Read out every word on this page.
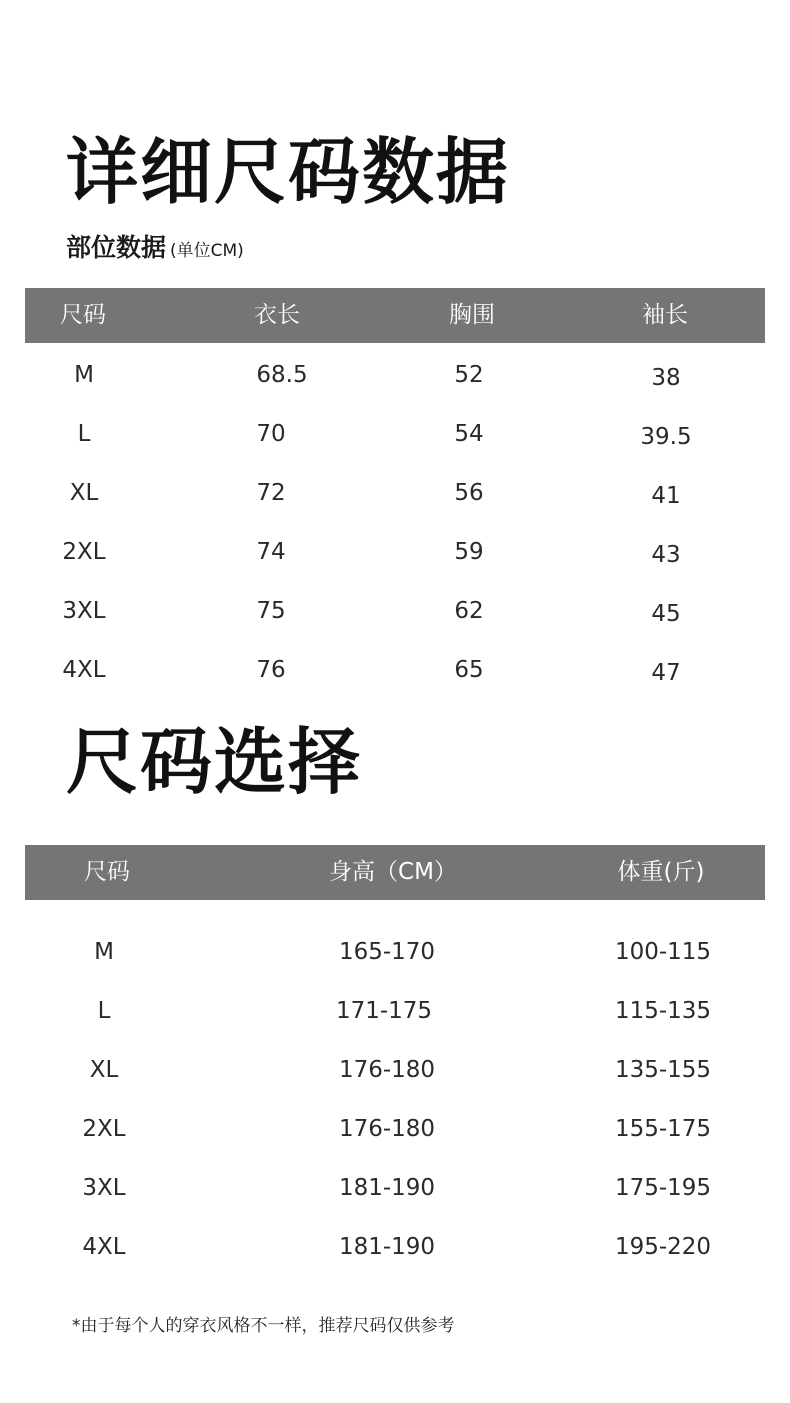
详细尺码数据
部位数据 (单位CM)
尺码	衣长	胸围	袖长
M	68.5	52	38
L	70	54	39.5
XL	72	56	41
2XL	74	59	43
3XL	75	62	45
4XL	76	65	47
尺码选择
尺码	身高（CM）	体重(斤)
M	165-170	100-115
L	171-175	115-135
XL	176-180	135-155
2XL	176-180	155-175
3XL	181-190	175-195
4XL	181-190	195-220
*由于每个人的穿衣风格不一样，推荐尺码仅供参考
